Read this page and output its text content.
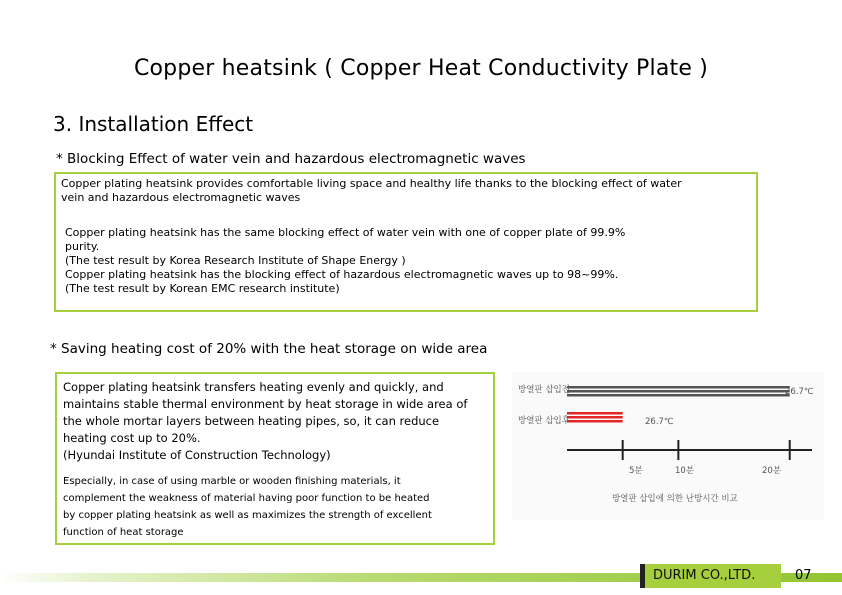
Copper heatsink ( Copper Heat Conductivity Plate )
3. Installation Effect
* Blocking Effect of water vein and hazardous electromagnetic waves
Copper plating heatsink provides comfortable living space and healthy life thanks to the blocking effect of water
vein and hazardous electromagnetic waves
Copper plating heatsink has the same blocking effect of water vein with one of copper plate of 99.9%
purity.
(The test result by Korea Research Institute of Shape Energy )
Copper plating heatsink has the blocking effect of hazardous electromagnetic waves up to 98~99%.
(The test result by Korean EMC research institute)
* Saving heating cost of 20% with the heat storage on wide area
Copper plating heatsink transfers heating evenly and quickly, and
maintains stable thermal environment by heat storage in wide area of
the whole mortar layers between heating pipes, so, it can reduce
heating cost up to 20%.
(Hyundai Institute of Construction Technology)
Especially, in case of using marble or wooden finishing materials, it
complement the weakness of material having poor function to be heated
by copper plating heatsink as well as maximizes the strength of excellent
function of heat storage
방열판 삽입전
방열판 삽입후
26.7℃
26.7℃
5분	10분	20분
방열판 삽입에 의한 난방시간 비교
DURIM CO.,LTD.	07
